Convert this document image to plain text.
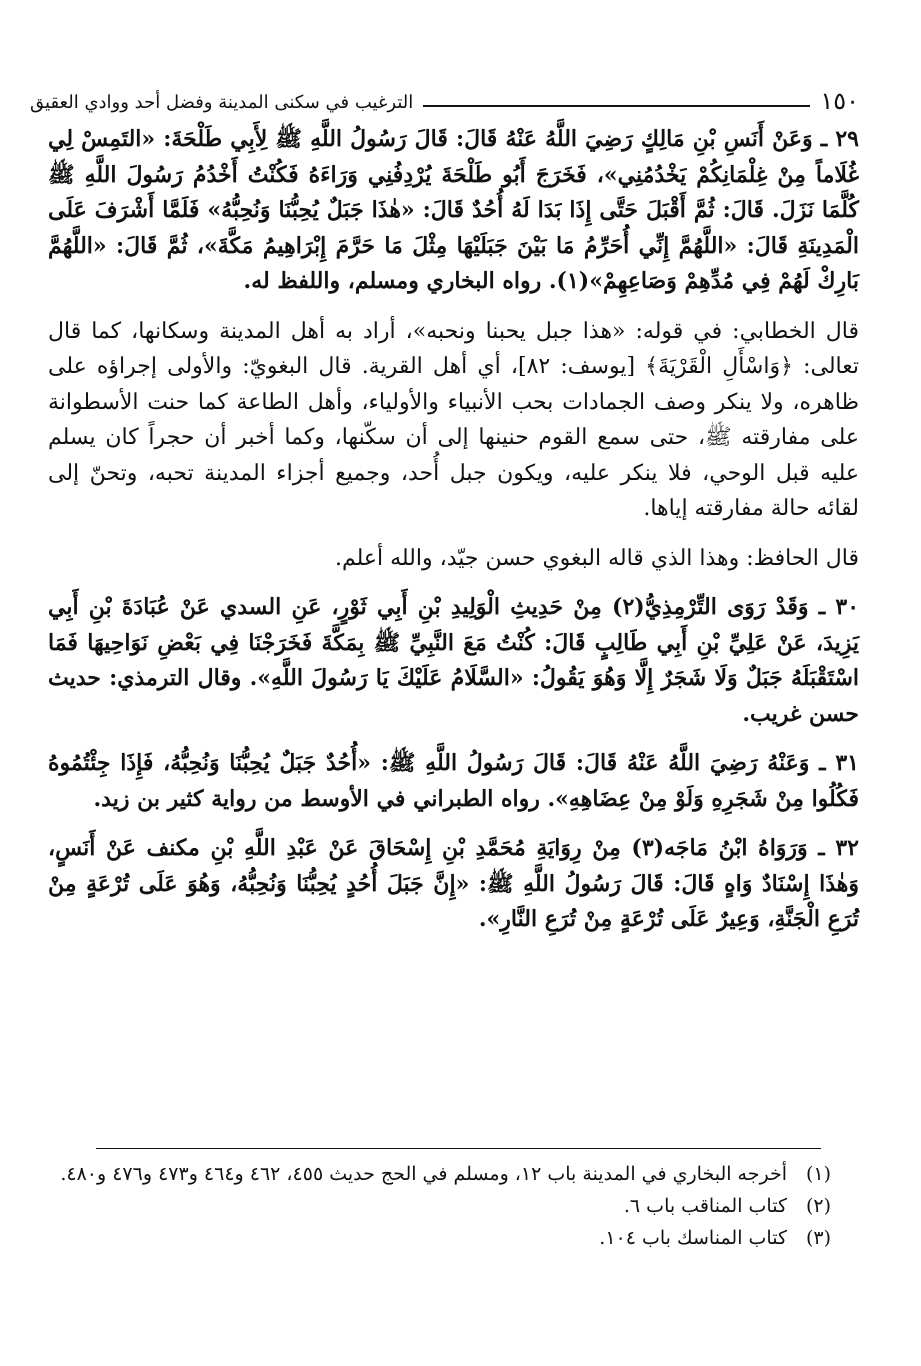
١٥٠
الترغيب في سكنى المدينة وفضل أحد ووادي العقيق

٢٩ ـ وَعَنْ أَنَسِ بْنِ مَالِكٍ رَضِيَ اللَّهُ عَنْهُ قَالَ: قَالَ رَسُولُ اللَّهِ ﷺ لِأَبِي طَلْحَةَ: «التَمِسْ لِي غُلَاماً مِنْ غِلْمَانِكُمْ يَخْدُمُنِي»، فَخَرَجَ أَبُو طَلْحَةَ يُرْدِفُنِي وَرَاءَهُ فَكُنْتُ أَخْدُمُ رَسُولَ اللَّهِ ﷺ كُلَّمَا نَزَلَ. قَالَ: ثُمَّ أَقْبَلَ حَتَّى إِذَا بَدَا لَهُ أُحُدٌ قَالَ: «هٰذَا جَبَلٌ يُحِبُّنَا وَنُحِبُّهُ» فَلَمَّا أَشْرَفَ عَلَى الْمَدِينَةِ قَالَ: «اللَّهُمَّ إِنِّي أُحَرِّمُ مَا بَيْنَ جَبَلَيْهَا مِثْلَ مَا حَرَّمَ إِبْرَاهِيمُ مَكَّةَ»، ثُمَّ قَالَ: «اللَّهُمَّ بَارِكْ لَهُمْ فِي مُدِّهِمْ وَصَاعِهِمْ»(١). رواه البخاري ومسلم، واللفظ له.

قال الخطابي: في قوله: «هذا جبل يحبنا ونحبه»، أراد به أهل المدينة وسكانها، كما قال تعالى: ﴿وَاسْأَلِ الْقَرْيَةَ﴾ [يوسف: ٨٢]، أي أهل القرية. قال البغويّ: والأولى إجراؤه على ظاهره، ولا ينكر وصف الجمادات بحب الأنبياء والأولياء، وأهل الطاعة كما حنت الأسطوانة على مفارقته ﷺ، حتى سمع القوم حنينها إلى أن سكّنها، وكما أخبر أن حجراً كان يسلم عليه قبل الوحي، فلا ينكر عليه، ويكون جبل أُحد، وجميع أجزاء المدينة تحبه، وتحنّ إلى لقائه حالة مفارقته إياها.

قال الحافظ: وهذا الذي قاله البغوي حسن جيّد، والله أعلم.

٣٠ ـ وَقَدْ رَوَى التِّرْمِذِيُّ(٢) مِنْ حَدِيثِ الْوَلِيدِ بْنِ أَبِي ثَوْرٍ، عَنِ السدي عَنْ عُبَادَةَ بْنِ أَبِي يَزِيدَ، عَنْ عَلِيِّ بْنِ أَبِي طَالِبٍ قَالَ: كُنْتُ مَعَ النَّبِيِّ ﷺ بِمَكَّةَ فَخَرَجْنَا فِي بَعْضِ نَوَاحِيهَا فَمَا اسْتَقْبَلَهُ جَبَلٌ وَلَا شَجَرٌ إِلَّا وَهُوَ يَقُولُ: «السَّلَامُ عَلَيْكَ يَا رَسُولَ اللَّهِ». وقال الترمذي: حديث حسن غريب.

٣١ ـ وَعَنْهُ رَضِيَ اللَّهُ عَنْهُ قَالَ: قَالَ رَسُولُ اللَّهِ ﷺ: «أُحُدٌ جَبَلٌ يُحِبُّنَا وَنُحِبُّهُ، فَإِذَا جِئْتُمُوهُ فَكُلُوا مِنْ شَجَرِهِ وَلَوْ مِنْ عِضَاهِهِ». رواه الطبراني في الأوسط من رواية كثير بن زيد.

٣٢ ـ وَرَوَاهُ ابْنُ مَاجَه(٣) مِنْ رِوَايَةِ مُحَمَّدِ بْنِ إِسْحَاقَ عَنْ عَبْدِ اللَّهِ بْنِ مكنف عَنْ أَنَسٍ، وَهٰذَا إِسْنَادٌ وَاهٍ قَالَ: قَالَ رَسُولُ اللَّهِ ﷺ: «إِنَّ جَبَلَ أُحُدٍ يُحِبُّنَا وَنُحِبُّهُ، وَهُوَ عَلَى تُرْعَةٍ مِنْ تُرَعِ الْجَنَّةِ، وَعِيرٌ عَلَى تُرْعَةٍ مِنْ تُرَعِ النَّارِ».

(١)
أخرجه البخاري في المدينة باب ١٢، ومسلم في الحج حديث ٤٥٥، ٤٦٢ و٤٦٤ و٤٧٣ و٤٧٦ و٤٨٠.
(٢)
كتاب المناقب باب ٦.
(٣)
كتاب المناسك باب ١٠٤.
